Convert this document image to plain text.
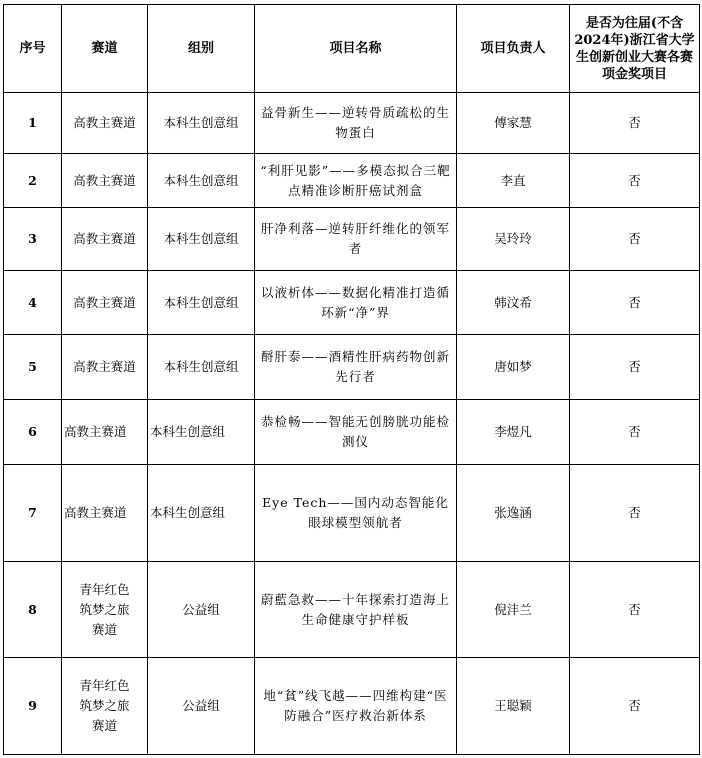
序号	赛道	组别	项目名称	项目负责人	是否为往届(不含2024年)浙江省大学生创新创业大赛各赛项金奖项目
1	高教主赛道	本科生创意组	益骨新生——逆转骨质疏松的生物蛋白	傅家慧	否
2	高教主赛道	本科生创意组	“利肝见影”——多模态拟合三靶点精准诊断肝癌试剂盒	李直	否
3	高教主赛道	本科生创意组	肝净利落—逆转肝纤维化的领军者	吴玲玲	否
4	高教主赛道	本科生创意组	以液析体——数据化精准打造循环新“净”界	韩汶希	否
5	高教主赛道	本科生创意组	酹肝泰——酒精性肝病药物创新先行者	唐如梦	否
6	高教主赛道	本科生创意组	恭检畅——智能无创膀胱功能检测仪	李煜凡	否
7	高教主赛道	本科生创意组	Eye Tech——国内动态智能化眼球模型领航者	张逸涵	否
8	青年红色筑梦之旅赛道	公益组	蔚藍急救——十年探索打造海上生命健康守护样板	倪沣兰	否
9	青年红色筑梦之旅赛道	公益组	地“貧”线飞越——四维构建“医防融合”医疗救治新体系	王聪颖	否
